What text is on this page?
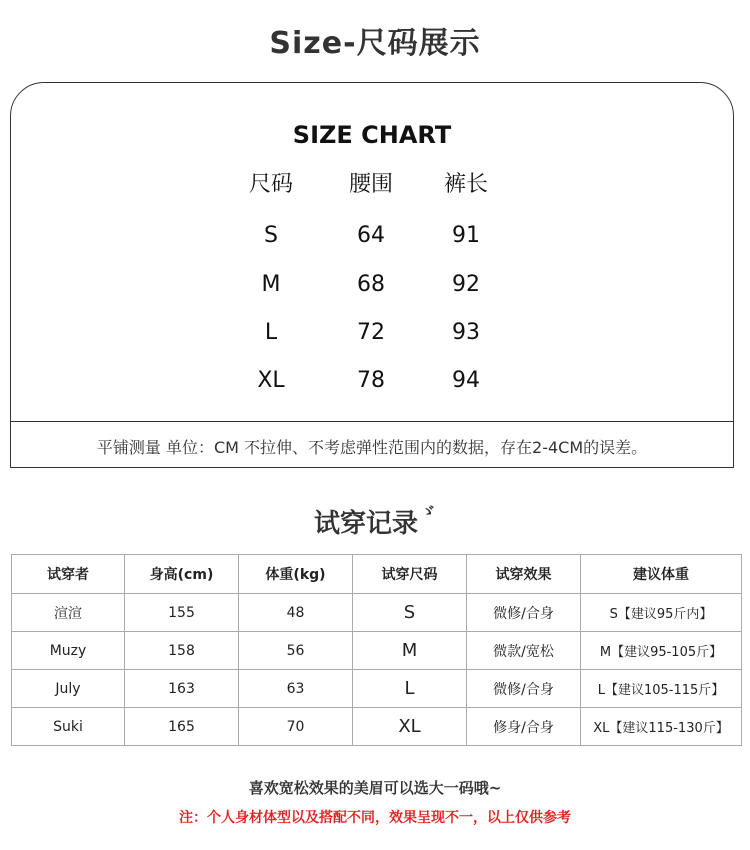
Size-尺码展示
SIZE CHART
尺码	腰围	裤长
S	64	91
M	68	92
L	72	93
XL	78	94
平铺测量 单位：CM 不拉伸、不考虑弹性范围内的数据，存在2-4CM的误差。
试穿记录 $^ゞ$
试穿者	身高(cm)	体重(kg)	试穿尺码	试穿效果	建议体重
渲渲	155	48	S	微修/合身	S【建议95斤内】
Muzy	158	56	M	微款/宽松	M【建议95-105斤】
July	163	63	L	微修/合身	L【建议105-115斤】
Suki	165	70	XL	修身/合身	XL【建议115-130斤】
喜欢宽松效果的美眉可以选大一码哦~
注：个人身材体型以及搭配不同，效果呈现不一，以上仅供参考
